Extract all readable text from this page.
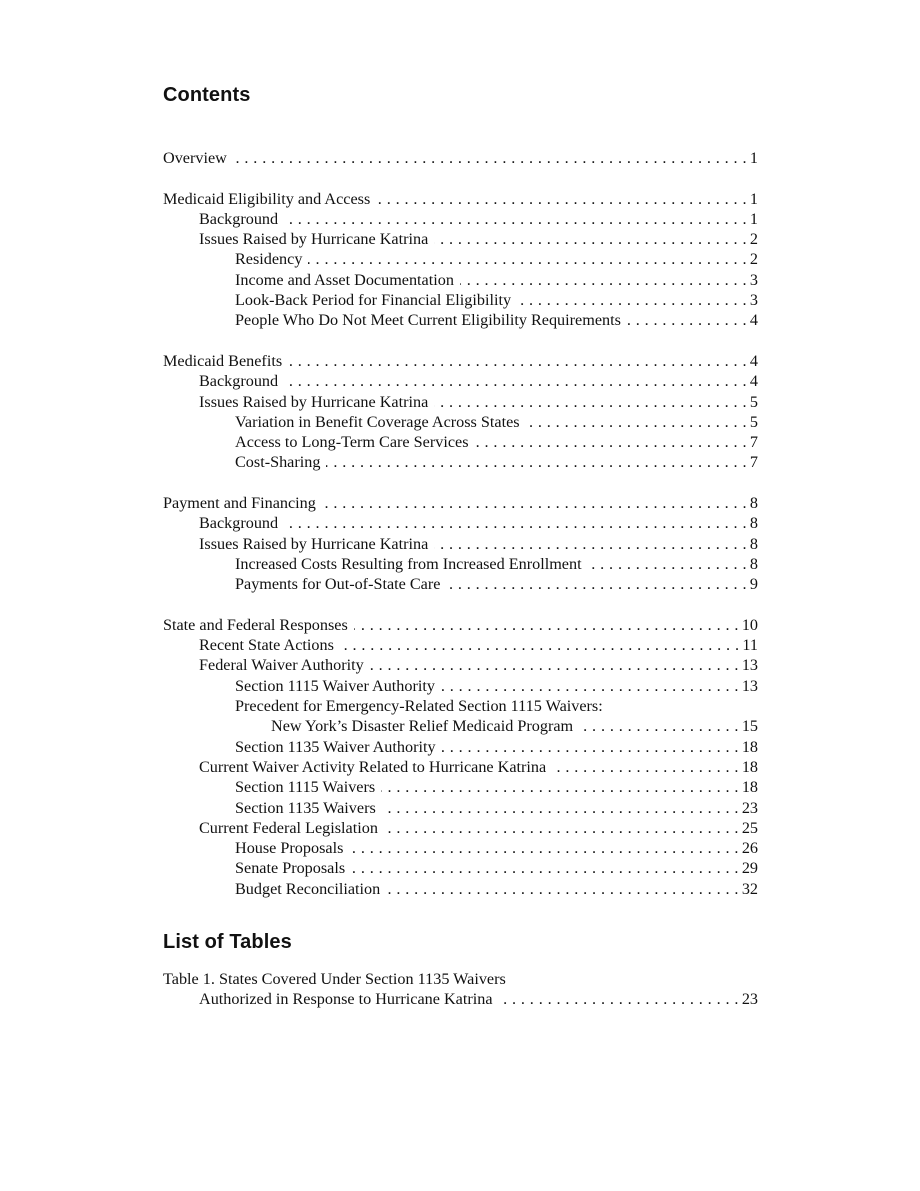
Contents
Overview . . .	1
Medicaid Eligibility and Access . . .	1
Background . . .	1
Issues Raised by Hurricane Katrina . . .	2
Residency . . .	2
Income and Asset Documentation . . .	3
Look-Back Period for Financial Eligibility . . .	3
People Who Do Not Meet Current Eligibility Requirements . . .	4
Medicaid Benefits . . .	4
Background . . .	4
Issues Raised by Hurricane Katrina . . .	5
Variation in Benefit Coverage Across States . . .	5
Access to Long-Term Care Services . . .	7
Cost-Sharing . . .	7
Payment and Financing . . .	8
Background . . .	8
Issues Raised by Hurricane Katrina . . .	8
Increased Costs Resulting from Increased Enrollment . . .	8
Payments for Out-of-State Care . . .	9
State and Federal Responses . . .	10
Recent State Actions . . .	11
Federal Waiver Authority . . .	13
Section 1115 Waiver Authority . . .	13
Precedent for Emergency-Related Section 1115 Waivers:
New York’s Disaster Relief Medicaid Program . . .	15
Section 1135 Waiver Authority . . .	18
Current Waiver Activity Related to Hurricane Katrina . . .	18
Section 1115 Waivers . . .	18
Section 1135 Waivers . . .	23
Current Federal Legislation . . .	25
House Proposals . . .	26
Senate Proposals . . .	29
Budget Reconciliation . . .	32
List of Tables
Table 1. States Covered Under Section 1135 Waivers
Authorized in Response to Hurricane Katrina . . .	23
